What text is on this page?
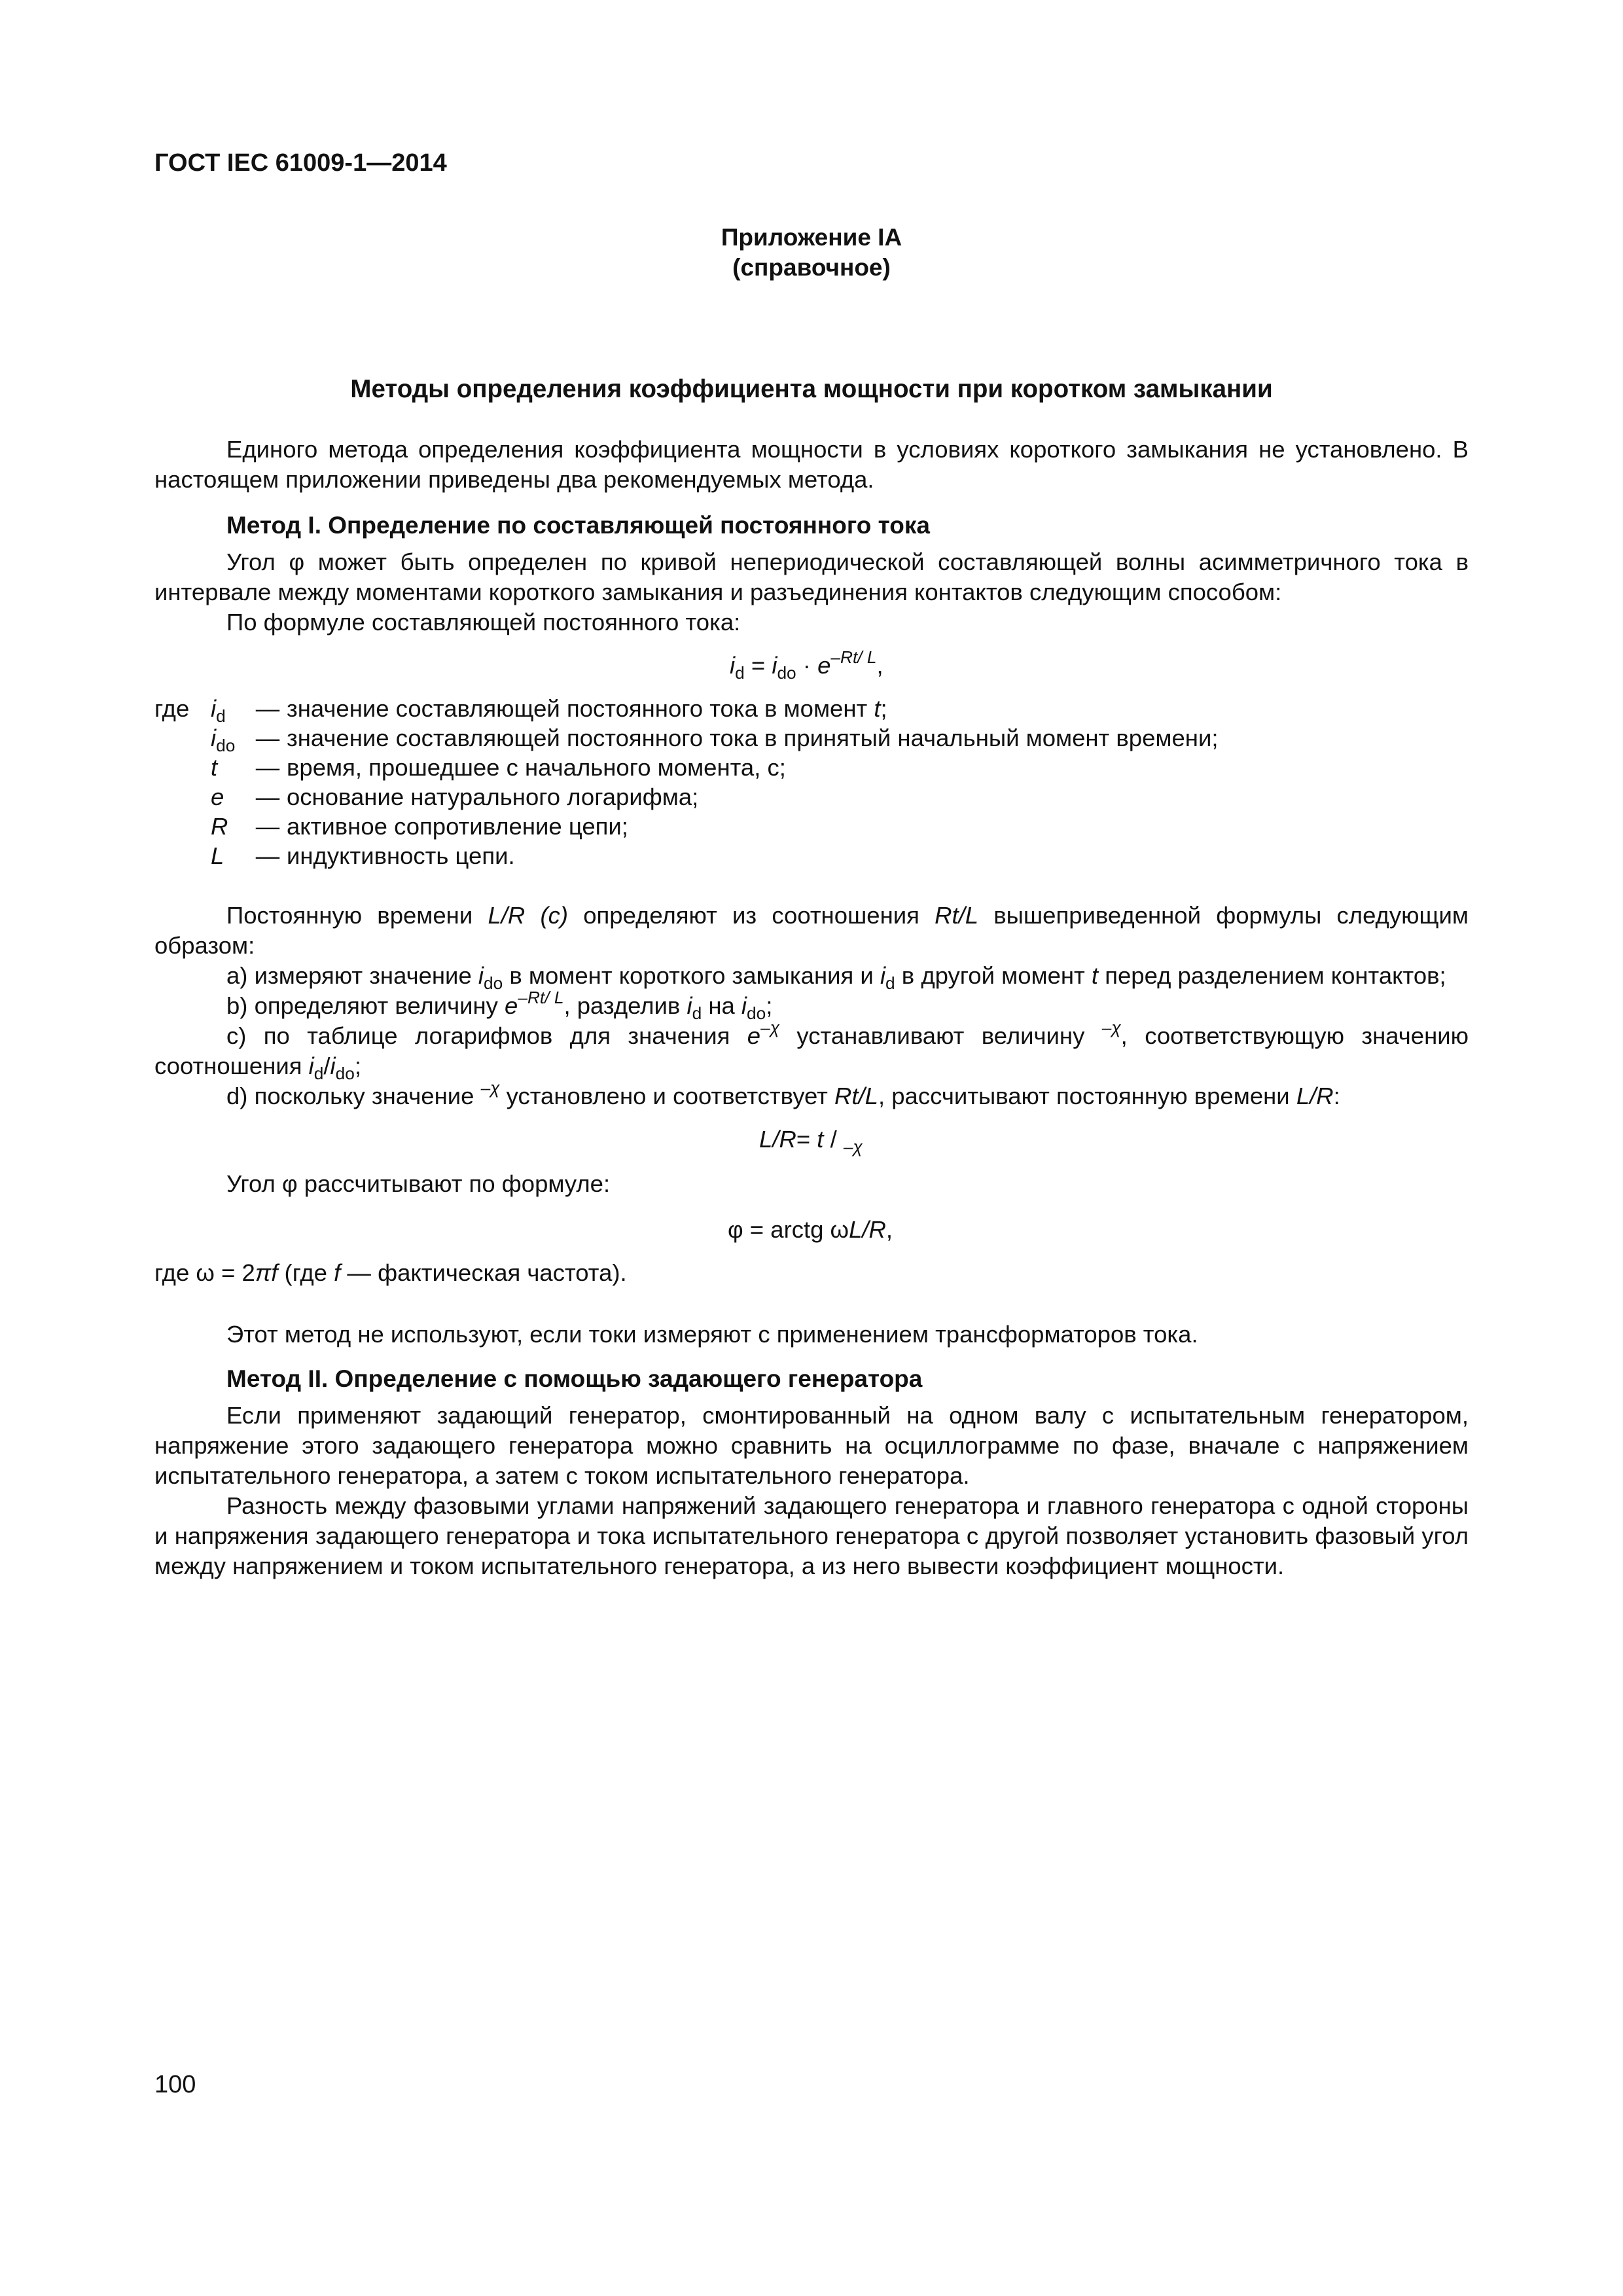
ГОСТ IEC 61009-1—2014
Приложение IA
(справочное)
Методы определения коэффициента мощности при коротком замыкании

Единого метода определения коэффициента мощности в условиях короткого замыкания не установлено. В настоящем приложении приведены два рекомендуемых метода.

Метод I. Определение по составляющей постоянного тока

Угол φ может быть определен по кривой непериодической составляющей волны асимметричного тока в интервале между моментами короткого замыкания и разъединения контактов следующим способом:

По формуле составляющей постоянного тока:

$i_d = i_{do} \cdot e^{-Rt/ L}$,
где	$i_d$	—	значение составляющей постоянного тока в момент t;
	$i_{do}$	—	значение составляющей постоянного тока в принятый начальный момент времени;
	t	—	время, прошедшее с начального момента, с;
	e	—	основание натурального логарифма;
	R	—	активное сопротивление цепи;
	L	—	индуктивность цепи.

Постоянную времени L/R (c) определяют из соотношения Rt/L вышеприведенной формулы следующим образом:

a) измеряют значение $i_{do}$ в момент короткого замыкания и $i_d$ в другой момент t перед разделением контактов;

b) определяют величину $e^{-Rt/ L}$, разделив $i_d$ на $i_{do}$;

c) по таблице логарифмов для значения $e^{-\chi}$ устанавливают величину $^{-\chi}$, соответствующую значению соотношения $i_d/i_{do}$;

d) поскольку значение $^{-\chi}$ установлено и соответствует Rt/L, рассчитывают постоянную времени L/R:

L/R= t / $_{-\chi}$

Угол φ рассчитывают по формуле:

φ = arctg ωL/R,

где ω = 2πf (где f — фактическая частота).

Этот метод не используют, если токи измеряют с применением трансформаторов тока.

Метод II. Определение с помощью задающего генератора

Если применяют задающий генератор, смонтированный на одном валу с испытательным генератором, напряжение этого задающего генератора можно сравнить на осциллограмме по фазе, вначале с напряжением испытательного генератора, а затем с током испытательного генератора.

Разность между фазовыми углами напряжений задающего генератора и главного генератора с одной стороны и напряжения задающего генератора и тока испытательного генератора с другой позволяет установить фазовый угол между напряжением и током испытательного генератора, а из него вывести коэффициент мощности.

100
